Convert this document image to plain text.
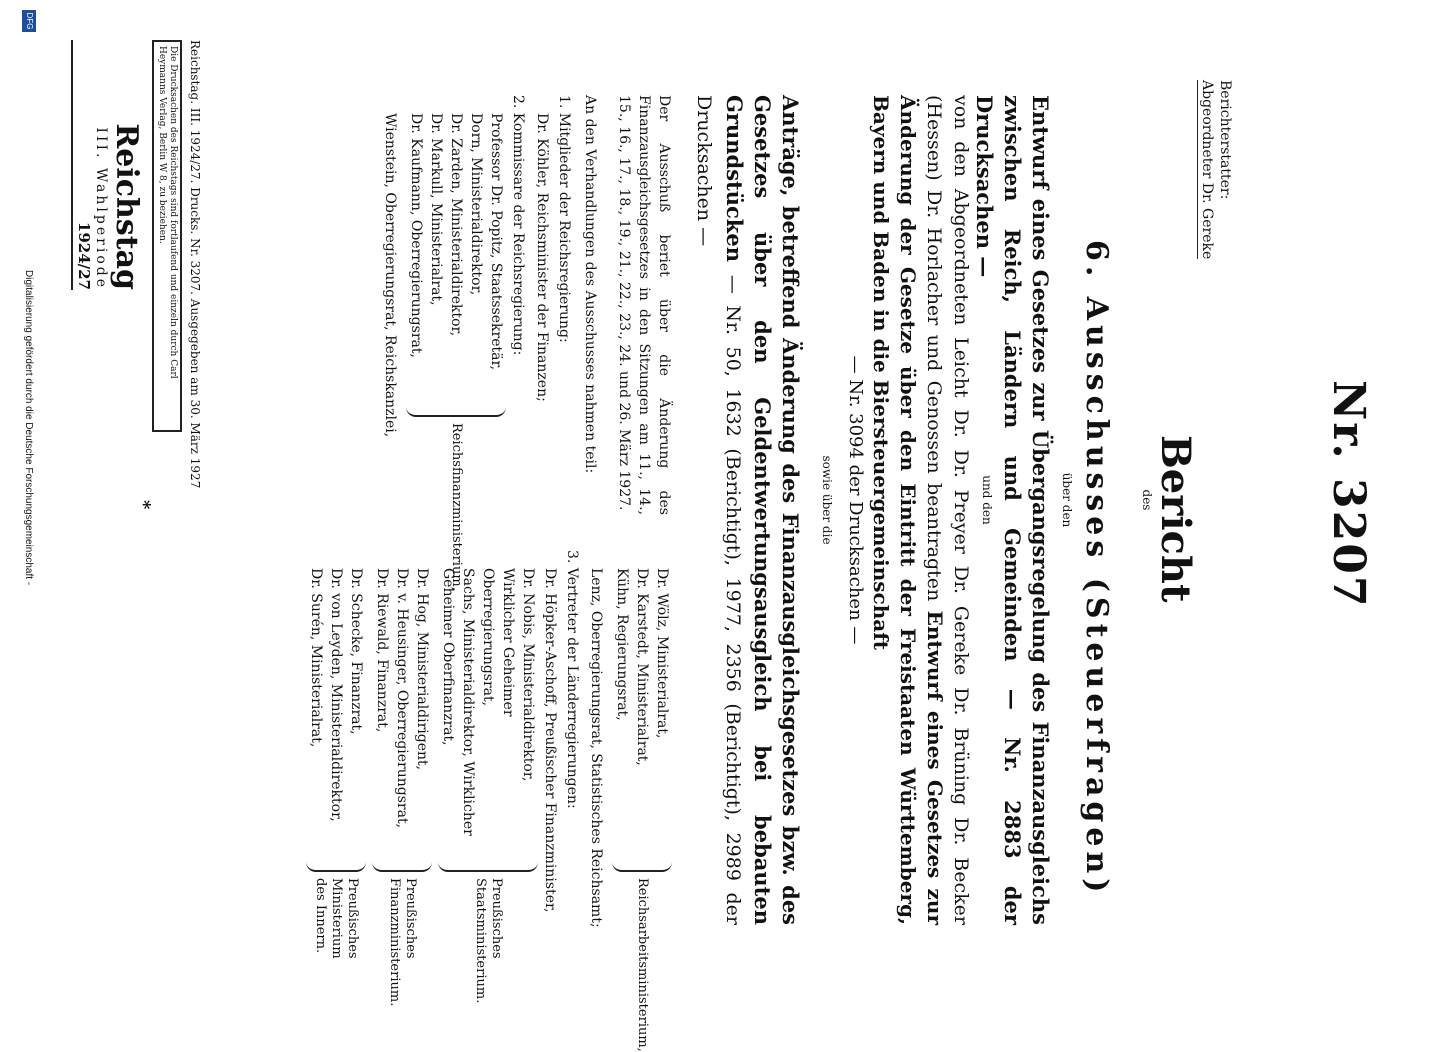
Nr. 3207
Reichstag
III. Wahlperiode
1924/27
Berichterstatter:
Abgeordneter Dr. Gereke
Bericht
des
6. Ausschusses (Steuerfragen)
über den
Entwurf eines Gesetzes zur Übergangsregelung des Finanzausgleichs zwischen Reich, Ländern und Gemeinden — Nr. 2883 der Drucksachen —
und den
von den Abgeordneten Leicht Dr. Dr. Preyer Dr. Gereke Dr. Brüning Dr. Becker (Hessen) Dr. Horlacher und Genossen beantragten Entwurf eines Gesetzes zur Änderung der Gesetze über den Eintritt der Freistaaten Württemberg, Bayern und Baden in die Biersteuergemeinschaft
— Nr. 3094 der Drucksachen —
sowie über die
Anträge, betreffend Änderung des Finanzausgleichsgesetzes bzw. des Gesetzes über den Geldentwertungsausgleich bei bebauten Grundstücken — Nr. 50, 1632 (Berichtigt), 1977, 2356 (Berichtigt), 2989 der Drucksachen —

Der Ausschuß beriet über die Änderung des Finanzausgleichsgesetzes in den Sitzungen am 11., 14., 15., 16., 17., 18., 19., 21., 22., 23., 24. und 26. März 1927.

An den Verhandlungen des Ausschusses nahmen teil:
1. Mitglieder der Reichsregierung:
Dr. Köhler, Reichsminister der Finanzen;
2. Kommissare der Reichsregierung:
Professor Dr. Popitz, Staatssekretär,
Dorn, Ministerialdirektor,
Dr. Zarden, Ministerialdirektor,
Dr. Markull, Ministerialrat,
Dr. Kaufmann, Oberregierungsrat,
Reichsfinanzministerium,
Wienstein, Oberregierungsrat, Reichskanzlei,
Dr. Wölz, Ministerialrat,
Dr. Karstedt, Ministerialrat,
Kühn, Regierungsrat,
Reichsarbeitsministerium,
Lenz, Oberregierungsrat, Statistisches Reichsamt;
3. Vertreter der Länderregierungen:
Dr. Höpker-Aschoff, Preußischer Finanzminister,
Dr. Nobis, Ministerialdirektor, Wirklicher Geheimer Oberregierungsrat,
Sachs, Ministerialdirektor, Wirklicher Geheimer Oberfinanzrat,
Preußisches Staatsministerium.
Dr. Hog, Ministerialdirigent,
Dr. v. Heusinger, Oberregierungsrat,
Dr. Riewald, Finanzrat,
Preußisches Finanzministerium.
Dr. Schecke, Finanzrat,
Dr. von Leyden, Ministerialdirektor,
Dr. Surén, Ministerialrat,
Preußisches Ministerium des Innern.
Reichstag. III. 1924/27. Drucks. Nr. 3207. Ausgegeben am 30. März 1927
Die Drucksachen des Reichstags sind fortlaufend und einzeln durch Carl Heymanns Verlag, Berlin W 8, zu beziehen.
*
Digitalisierung gefördert durch die Deutsche Forschungsgemeinschaft -
DFG
